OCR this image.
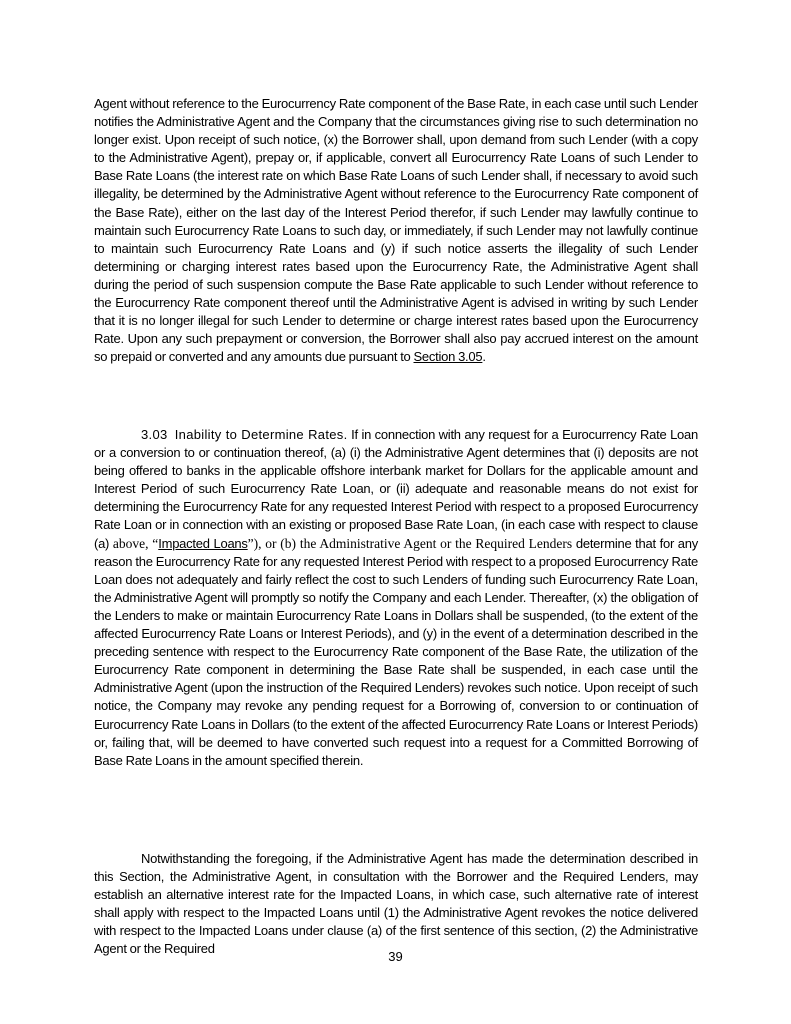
Agent without reference to the Eurocurrency Rate component of the Base Rate, in each case until such Lender notifies the Administrative Agent and the Company that the circumstances giving rise to such determination no longer exist. Upon receipt of such notice, (x) the Borrower shall, upon demand from such Lender (with a copy to the Administrative Agent), prepay or, if applicable, convert all Eurocurrency Rate Loans of such Lender to Base Rate Loans (the interest rate on which Base Rate Loans of such Lender shall, if necessary to avoid such illegality, be determined by the Administrative Agent without reference to the Eurocurrency Rate component of the Base Rate), either on the last day of the Interest Period therefor, if such Lender may lawfully continue to maintain such Eurocurrency Rate Loans to such day, or immediately, if such Lender may not lawfully continue to maintain such Eurocurrency Rate Loans and (y) if such notice asserts the illegality of such Lender determining or charging interest rates based upon the Eurocurrency Rate, the Administrative Agent shall during the period of such suspension compute the Base Rate applicable to such Lender without reference to the Eurocurrency Rate component thereof until the Administrative Agent is advised in writing by such Lender that it is no longer illegal for such Lender to determine or charge interest rates based upon the Eurocurrency Rate. Upon any such prepayment or conversion, the Borrower shall also pay accrued interest on the amount so prepaid or converted and any amounts due pursuant to Section 3.05.

3.03 Inability to Determine Rates. If in connection with any request for a Eurocurrency Rate Loan or a conversion to or continuation thereof, (a) (i) the Administrative Agent determines that (i) deposits are not being offered to banks in the applicable offshore interbank market for Dollars for the applicable amount and Interest Period of such Eurocurrency Rate Loan, or (ii) adequate and reasonable means do not exist for determining the Eurocurrency Rate for any requested Interest Period with respect to a proposed Eurocurrency Rate Loan or in connection with an existing or proposed Base Rate Loan, (in each case with respect to clause (a) above, “Impacted Loans”), or (b) the Administrative Agent or the Required Lenders determine that for any reason the Eurocurrency Rate for any requested Interest Period with respect to a proposed Eurocurrency Rate Loan does not adequately and fairly reflect the cost to such Lenders of funding such Eurocurrency Rate Loan, the Administrative Agent will promptly so notify the Company and each Lender. Thereafter, (x) the obligation of the Lenders to make or maintain Eurocurrency Rate Loans in Dollars shall be suspended, (to the extent of the affected Eurocurrency Rate Loans or Interest Periods), and (y) in the event of a determination described in the preceding sentence with respect to the Eurocurrency Rate component of the Base Rate, the utilization of the Eurocurrency Rate component in determining the Base Rate shall be suspended, in each case until the Administrative Agent (upon the instruction of the Required Lenders) revokes such notice. Upon receipt of such notice, the Company may revoke any pending request for a Borrowing of, conversion to or continuation of Eurocurrency Rate Loans in Dollars (to the extent of the affected Eurocurrency Rate Loans or Interest Periods) or, failing that, will be deemed to have converted such request into a request for a Committed Borrowing of Base Rate Loans in the amount specified therein.

Notwithstanding the foregoing, if the Administrative Agent has made the determination described in this Section, the Administrative Agent, in consultation with the Borrower and the Required Lenders, may establish an alternative interest rate for the Impacted Loans, in which case, such alternative rate of interest shall apply with respect to the Impacted Loans until (1) the Administrative Agent revokes the notice delivered with respect to the Impacted Loans under clause (a) of the first sentence of this section, (2) the Administrative Agent or the Required

39
